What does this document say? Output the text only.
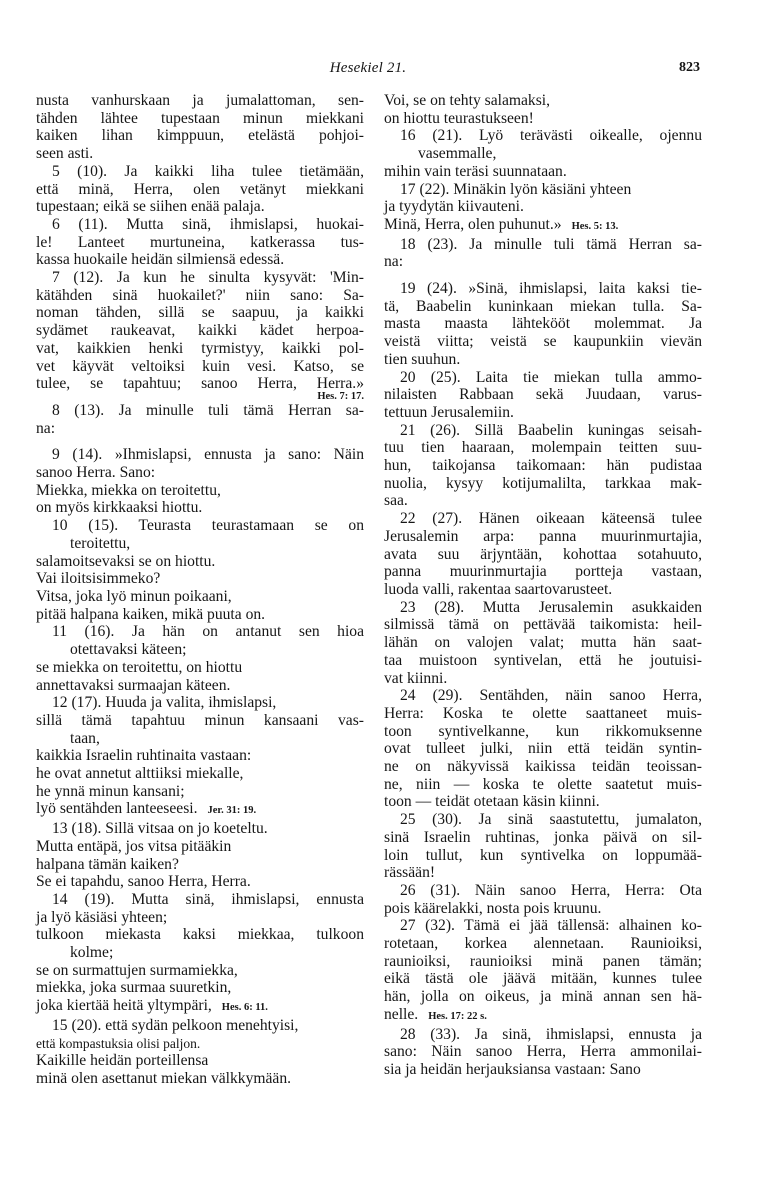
Hesekiel 21.	823
nusta vanhurskaan ja jumalattoman, sen-
tähden lähtee tupestaan minun miekkani
kaiken lihan kimppuun, etelästä pohjoi-
seen asti.
5 (10). Ja kaikki liha tulee tietämään,
että minä, Herra, olen vetänyt miekkani
tupestaan; eikä se siihen enää palaja.
6 (11). Mutta sinä, ihmislapsi, huokai-
le! Lanteet murtuneina, katkerassa tus-
kassa huokaile heidän silmiensä edessä.
7 (12). Ja kun he sinulta kysyvät: 'Min-
kätähden sinä huokailet?' niin sano: Sa-
noman tähden, sillä se saapuu, ja kaikki
sydämet raukeavat, kaikki kädet herpoa-
vat, kaikkien henki tyrmistyy, kaikki pol-
vet käyvät veltoiksi kuin vesi. Katso, se
tulee, se tapahtuu; sanoo Herra, Herra.»
Hes. 7: 17.
8 (13). Ja minulle tuli tämä Herran sa-
na:
9 (14). »Ihmislapsi, ennusta ja sano: Näin
sanoo Herra. Sano:
Miekka, miekka on teroitettu,
on myös kirkkaaksi hiottu.
10 (15). Teurasta teurastamaan se on
teroitettu,
salamoitsevaksi se on hiottu.
Vai iloitsisimmeko?
Vitsa, joka lyö minun poikaani,
pitää halpana kaiken, mikä puuta on.
11 (16). Ja hän on antanut sen hioa
otettavaksi käteen;
se miekka on teroitettu, on hiottu
annettavaksi surmaajan käteen.
12 (17). Huuda ja valita, ihmislapsi,
sillä tämä tapahtuu minun kansaani vas-
taan,
kaikkia Israelin ruhtinaita vastaan:
he ovat annetut alttiiksi miekalle,
he ynnä minun kansani;
lyö sentähden lanteeseesi. Jer. 31: 19.
13 (18). Sillä vitsaa on jo koeteltu.
Mutta entäpä, jos vitsa pitääkin
halpana tämän kaiken?
Se ei tapahdu, sanoo Herra, Herra.
14 (19). Mutta sinä, ihmislapsi, ennusta
ja lyö käsiäsi yhteen;
tulkoon miekasta kaksi miekkaa, tulkoon
kolme;
se on surmattujen surmamiekka,
miekka, joka surmaa suuretkin,
joka kiertää heitä yltympäri, Hes. 6: 11.
15 (20). että sydän pelkoon menehtyisi,
että kompastuksia olisi paljon.
Kaikille heidän porteillensa
minä olen asettanut miekan välkkymään.
Voi, se on tehty salamaksi,
on hiottu teurastukseen!
16 (21). Lyö terävästi oikealle, ojennu
vasemmalle,
mihin vain teräsi suunnataan.
17 (22). Minäkin lyön käsiäni yhteen
ja tyydytän kiivauteni.
Minä, Herra, olen puhunut.» Hes. 5: 13.
18 (23). Ja minulle tuli tämä Herran sa-
na:
19 (24). »Sinä, ihmislapsi, laita kaksi tie-
tä, Baabelin kuninkaan miekan tulla. Sa-
masta maasta lähtekööt molemmat. Ja
veistä viitta; veistä se kaupunkiin vievän
tien suuhun.
20 (25). Laita tie miekan tulla ammo-
nilaisten Rabbaan sekä Juudaan, varus-
tettuun Jerusalemiin.
21 (26). Sillä Baabelin kuningas seisah-
tuu tien haaraan, molempain teitten suu-
hun, taikojansa taikomaan: hän pudistaa
nuolia, kysyy kotijumalilta, tarkkaa mak-
saa.
22 (27). Hänen oikeaan käteensä tulee
Jerusalemin arpa: panna muurinmurtajia,
avata suu ärjyntään, kohottaa sotahuuto,
panna muurinmurtajia portteja vastaan,
luoda valli, rakentaa saartovarusteet.
23 (28). Mutta Jerusalemin asukkaiden
silmissä tämä on pettävää taikomista: heil-
lähän on valojen valat; mutta hän saat-
taa muistoon syntivelan, että he joutuisi-
vat kiinni.
24 (29). Sentähden, näin sanoo Herra,
Herra: Koska te olette saattaneet muis-
toon syntivelkanne, kun rikkomuksenne
ovat tulleet julki, niin että teidän syntin-
ne on näkyvissä kaikissa teidän teoissan-
ne, niin — koska te olette saatetut muis-
toon — teidät otetaan käsin kiinni.
25 (30). Ja sinä saastutettu, jumalaton,
sinä Israelin ruhtinas, jonka päivä on sil-
loin tullut, kun syntivelka on loppumää-
rässään!
26 (31). Näin sanoo Herra, Herra: Ota
pois käärelakki, nosta pois kruunu.
27 (32). Tämä ei jää tällensä: alhainen ko-
rotetaan, korkea alennetaan. Raunioiksi,
raunioiksi, raunioiksi minä panen tämän;
eikä tästä ole jäävä mitään, kunnes tulee
hän, jolla on oikeus, ja minä annan sen hä-
nelle. Hes. 17: 22 s.
28 (33). Ja sinä, ihmislapsi, ennusta ja
sano: Näin sanoo Herra, Herra ammonilai-
sia ja heidän herjauksiansa vastaan: Sano
